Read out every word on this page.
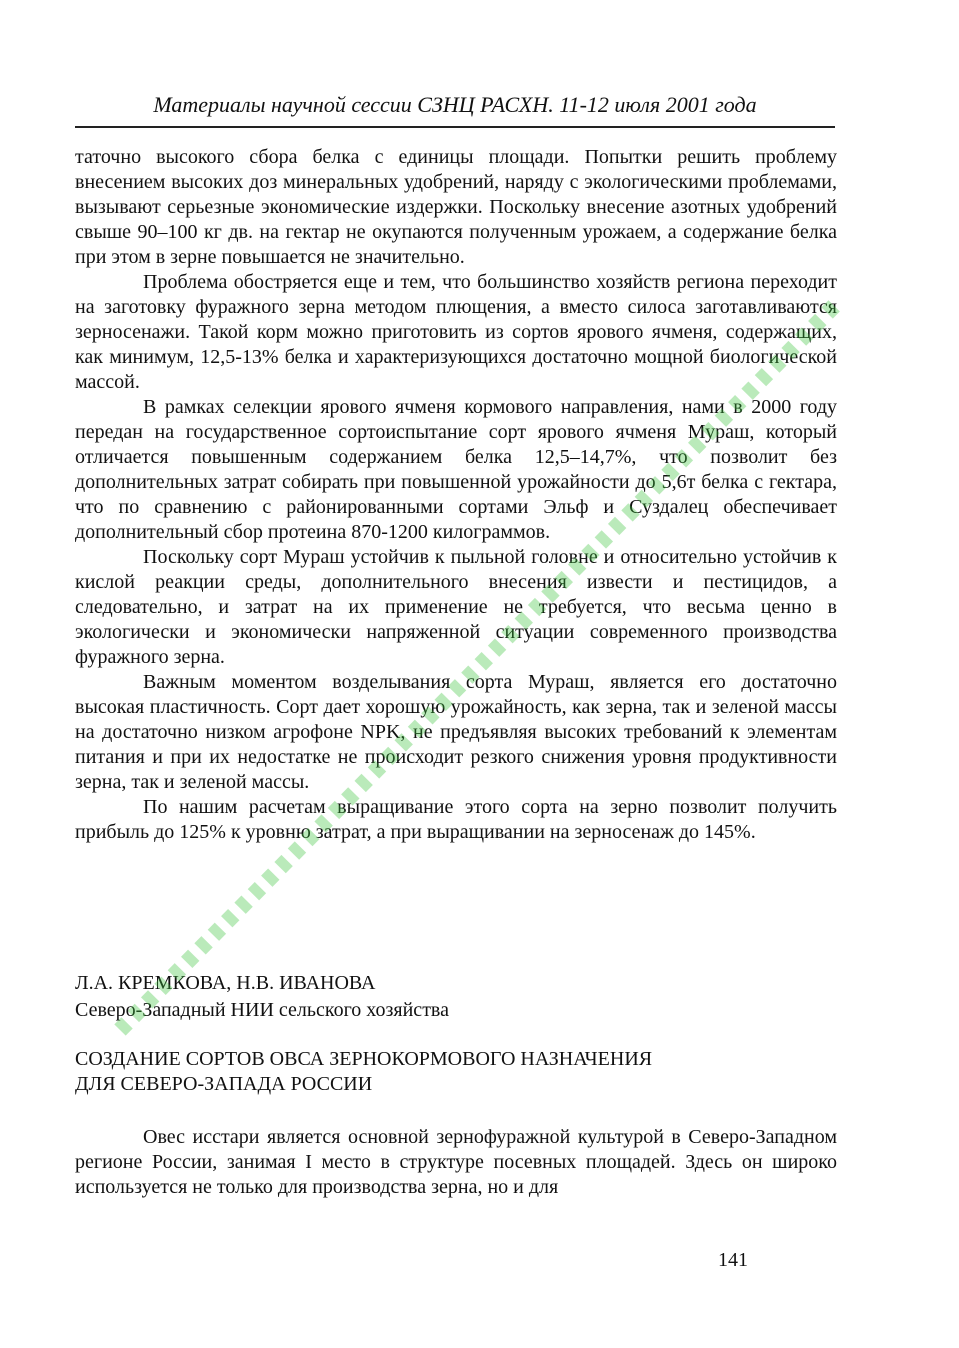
Материалы научной сессии СЗНЦ РАСХН. 11-12 июля 2001 года

таточно высокого сбора белка с единицы площади. Попытки решить проблему внесением высоких доз минеральных удобрений, наряду с экологическими проблемами, вызывают серьезные экономические издержки. Поскольку внесение азотных удобрений свыше 90–100 кг дв. на гектар не окупаются полученным урожаем, а содержание белка при этом в зерне повышается не значительно.

Проблема обостряется еще и тем, что большинство хозяйств региона переходит на заготовку фуражного зерна методом плющения, а вместо силоса заготавливаются зерносенажи. Такой корм можно приготовить из сортов ярового ячменя, содержащих, как минимум, 12,5-13% белка и характеризующихся достаточно мощной биологической массой.

В рамках селекции ярового ячменя кормового направления, нами в 2000 году передан на государственное сортоиспытание сорт ярового ячменя Мураш, который отличается повышенным содержанием белка 12,5–14,7%, что позволит без дополнительных затрат собирать при повышенной урожайности до 5,6т белка с гектара, что по сравнению с районированными сортами Эльф и Суздалец обеспечивает дополнительный сбор протеина 870-1200 килограммов.

Поскольку сорт Мураш устойчив к пыльной головне и относительно устойчив к кислой реакции среды, дополнительного внесения извести и пестицидов, а следовательно, и затрат на их применение не требуется, что весьма ценно в экологически и экономически напряженной ситуации современного производства фуражного зерна.

Важным моментом возделывания сорта Мураш, является его достаточно высокая пластичность. Сорт дает хорошую урожайность, как зерна, так и зеленой массы на достаточно низком агрофоне NPK, не предъявляя высоких требований к элементам питания и при их недостатке не происходит резкого снижения уровня продуктивности зерна, так и зеленой массы.

По нашим расчетам выращивание этого сорта на зерно позволит получить прибыль до 125% к уровню затрат, а при выращивании на зерносенаж до 145%.

Л.А. КРЕМКОВА, Н.В. ИВАНОВА
Северо-Западный НИИ сельского хозяйства
СОЗДАНИЕ СОРТОВ ОВСА ЗЕРНОКОРМОВОГО НАЗНАЧЕНИЯ
ДЛЯ СЕВЕРО-ЗАПАДА РОССИИ

Овес исстари является основной зернофуражной культурой в Северо-Западном регионе России, занимая I место в структуре посевных площадей. Здесь он широко используется не только для производства зерна, но и для

141
